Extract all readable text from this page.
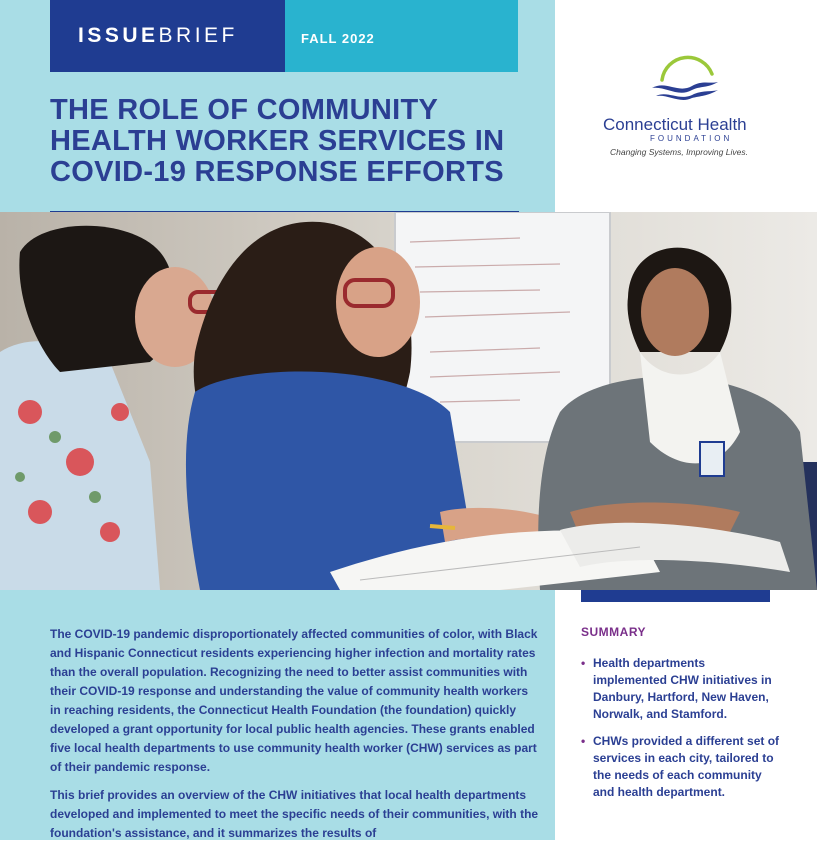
ISSUEBRIEF	FALL 2022
THE ROLE OF COMMUNITY HEALTH WORKER SERVICES IN COVID-19 RESPONSE EFFORTS
Connecticut Health
FOUNDATION
Changing Systems, Improving Lives.

The COVID-19 pandemic disproportionately affected communities of color, with Black and Hispanic Connecticut residents experiencing higher infection and mortality rates than the overall population. Recognizing the need to better assist communities with their COVID-19 response and understanding the value of community health workers in reaching residents, the Connecticut Health Foundation (the foundation) quickly developed a grant opportunity for local public health agencies. These grants enabled five local health departments to use community health worker (CHW) services as part of their pandemic response.

This brief provides an overview of the CHW initiatives that local health departments developed and implemented to meet the specific needs of their communities, with the foundation's assistance, and it summarizes the results of

SUMMARY
• Health departments implemented CHW initiatives in Danbury, Hartford, New Haven, Norwalk, and Stamford.
• CHWs provided a different set of services in each city, tailored to the needs of each community and health department.
